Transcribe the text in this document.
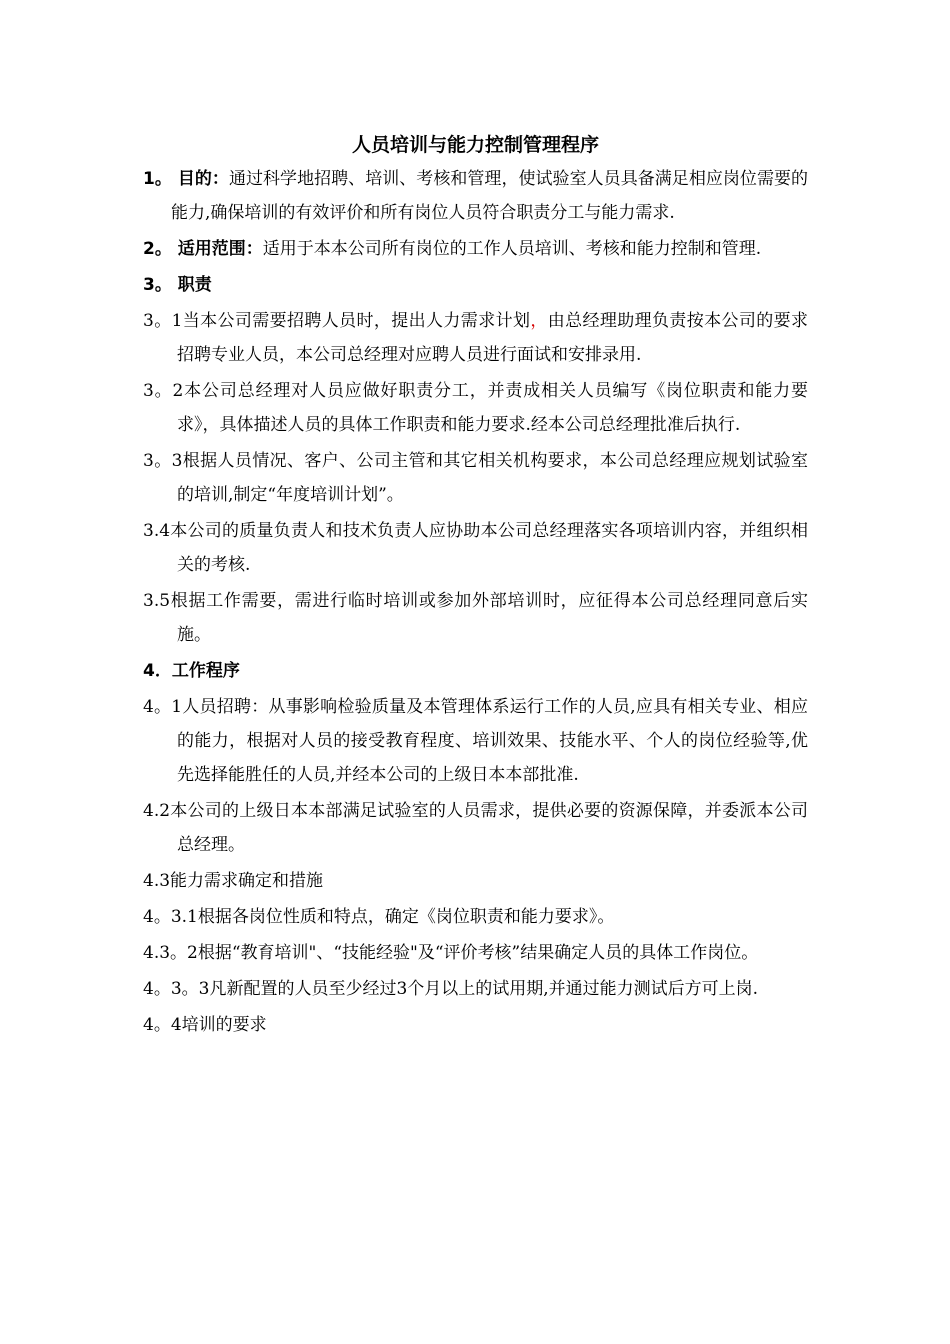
人员培训与能力控制管理程序

1。 目的：通过科学地招聘、培训、考核和管理，使试验室人员具备满足相应岗位需要的能力,确保培训的有效评价和所有岗位人员符合职责分工与能力需求.

2。 适用范围：适用于本本公司所有岗位的工作人员培训、考核和能力控制和管理.

3。 职责

3。1当本公司需要招聘人员时，提出人力需求计划，由总经理助理负责按本公司的要求招聘专业人员，本公司总经理对应聘人员进行面试和安排录用.

3。2本公司总经理对人员应做好职责分工，并责成相关人员编写《岗位职责和能力要求》，具体描述人员的具体工作职责和能力要求.经本公司总经理批准后执行.

3。3根据人员情况、客户、公司主管和其它相关机构要求，本公司总经理应规划试验室的培训,制定“年度培训计划”。

3.4本公司的质量负责人和技术负责人应协助本公司总经理落实各项培训内容，并组织相关的考核.

3.5根据工作需要，需进行临时培训或参加外部培训时，应征得本公司总经理同意后实施。

4．工作程序

4。1人员招聘：从事影响检验质量及本管理体系运行工作的人员,应具有相关专业、相应的能力，根据对人员的接受教育程度、培训效果、技能水平、个人的岗位经验等,优先选择能胜任的人员,并经本公司的上级日本本部批准.

4.2本公司的上级日本本部满足试验室的人员需求，提供必要的资源保障，并委派本公司总经理。

4.3能力需求确定和措施

4。3.1根据各岗位性质和特点，确定《岗位职责和能力要求》。

4.3。2根据“教育培训"、“技能经验"及“评价考核”结果确定人员的具体工作岗位。

4。3。3凡新配置的人员至少经过3个月以上的试用期,并通过能力测试后方可上岗.

4。4培训的要求
